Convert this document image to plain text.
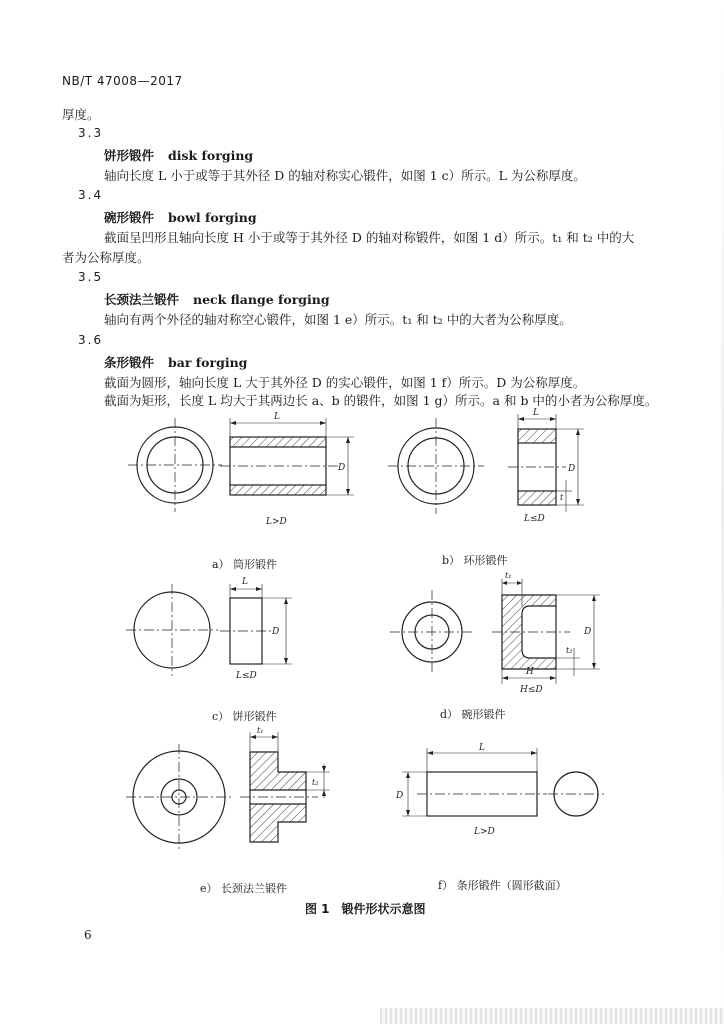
NB/T 47008—2017
厚度。
3.3
饼形锻件 disk forging
轴向长度 L 小于或等于其外径 D 的轴对称实心锻件，如图 1 c）所示。L 为公称厚度。
3.4
碗形锻件 bowl forging
截面呈凹形且轴向长度 H 小于或等于其外径 D 的轴对称锻件，如图 1 d）所示。t₁ 和 t₂ 中的大
者为公称厚度。
3.5
长颈法兰锻件 neck flange forging
轴向有两个外径的轴对称空心锻件，如图 1 e）所示。t₁ 和 t₂ 中的大者为公称厚度。
3.6
条形锻件 bar forging
截面为圆形，轴向长度 L 大于其外径 D 的实心锻件，如图 1 f）所示。D 为公称厚度。
截面为矩形，长度 L 均大于其两边长 a、b 的锻件，如图 1 g）所示。a 和 b 中的小者为公称厚度。
L
D
L>D
L
D
t
L≤D
L
D
L≤D
t₁
H
D
t₂
H≤D
t₁
t₂
L
D
L>D
a） 筒形锻件	b） 环形锻件
c） 饼形锻件	d） 碗形锻件
e） 长颈法兰锻件	f） 条形锻件（圆形截面）
图 1　锻件形状示意图
6
